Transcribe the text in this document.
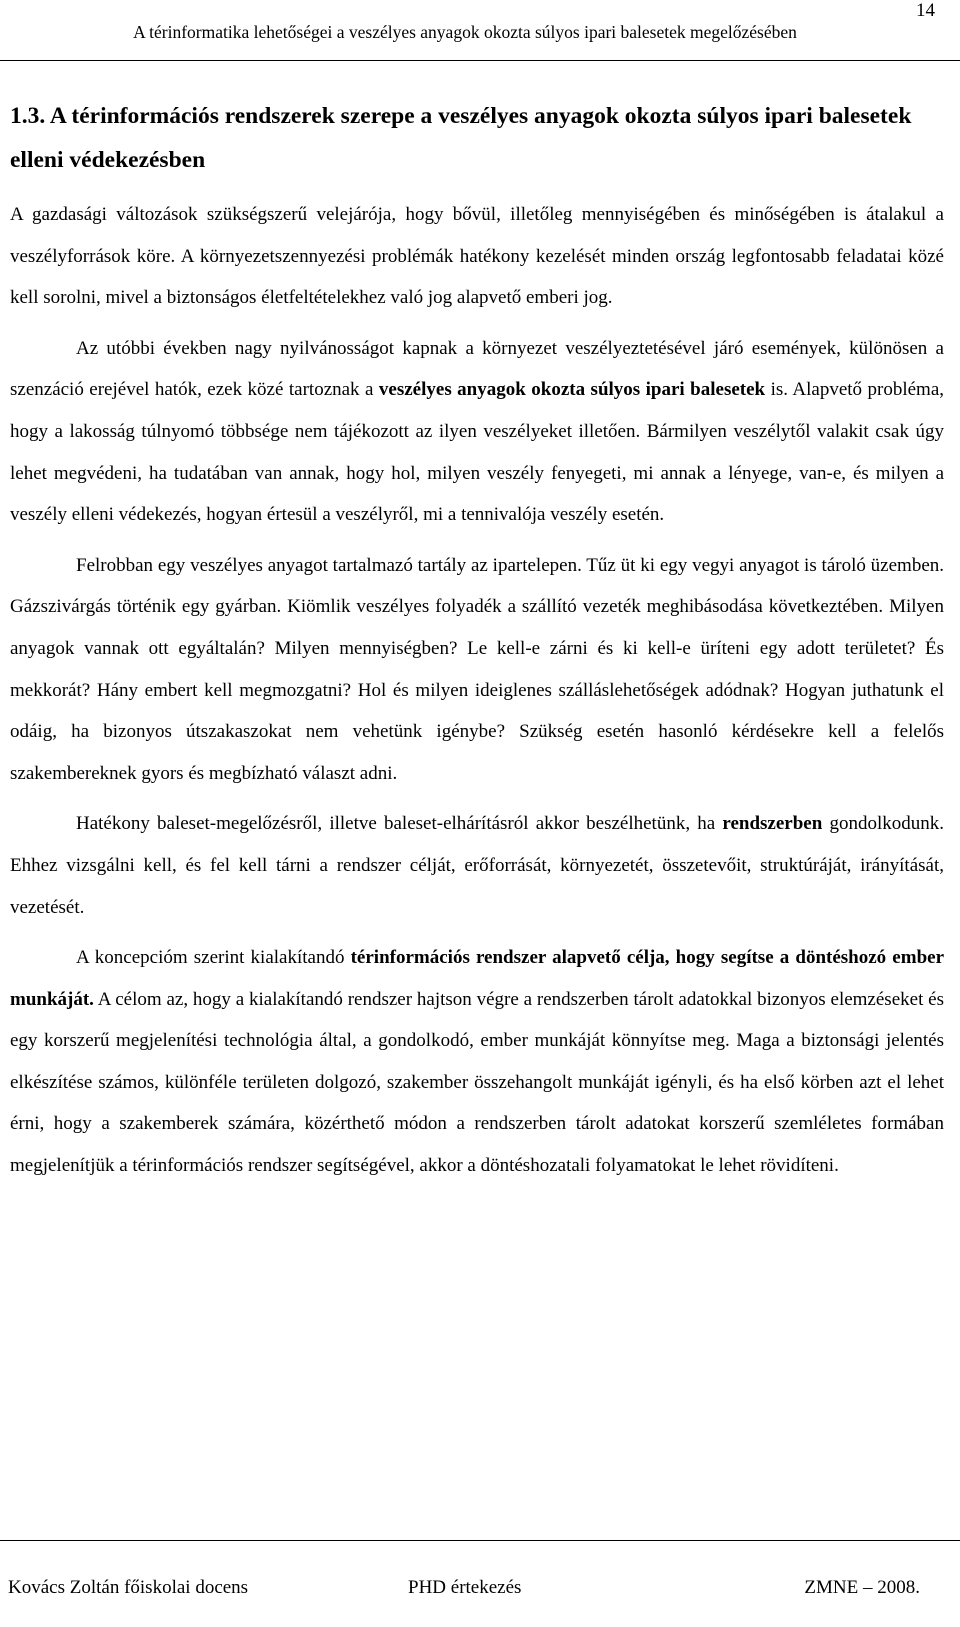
14
A térinformatika lehetőségei a veszélyes anyagok okozta súlyos ipari balesetek megelőzésében
1.3. A térinformációs rendszerek szerepe a veszélyes anyagok okozta súlyos ipari balesetek elleni védekezésben

A gazdasági változások szükségszerű velejárója, hogy bővül, illetőleg mennyiségében és minőségében is átalakul a veszélyforrások köre. A környezetszennyezési problémák hatékony kezelését minden ország legfontosabb feladatai közé kell sorolni, mivel a biztonságos életfeltételekhez való jog alapvető emberi jog.

Az utóbbi években nagy nyilvánosságot kapnak a környezet veszélyeztetésével járó események, különösen a szenzáció erejével hatók, ezek közé tartoznak a veszélyes anyagok okozta súlyos ipari balesetek is. Alapvető probléma, hogy a lakosság túlnyomó többsége nem tájékozott az ilyen veszélyeket illetően. Bármilyen veszélytől valakit csak úgy lehet megvédeni, ha tudatában van annak, hogy hol, milyen veszély fenyegeti, mi annak a lényege, van-e, és milyen a veszély elleni védekezés, hogyan értesül a veszélyről, mi a tennivalója veszély esetén.

Felrobban egy veszélyes anyagot tartalmazó tartály az ipartelepen. Tűz üt ki egy vegyi anyagot is tároló üzemben. Gázszivárgás történik egy gyárban. Kiömlik veszélyes folyadék a szállító vezeték meghibásodása következtében. Milyen anyagok vannak ott egyáltalán? Milyen mennyiségben? Le kell-e zárni és ki kell-e üríteni egy adott területet? És mekkorát? Hány embert kell megmozgatni? Hol és milyen ideiglenes szálláslehetőségek adódnak? Hogyan juthatunk el odáig, ha bizonyos útszakaszokat nem vehetünk igénybe? Szükség esetén hasonló kérdésekre kell a felelős szakembereknek gyors és megbízható választ adni.

Hatékony baleset-megelőzésről, illetve baleset-elhárításról akkor beszélhetünk, ha rendszerben gondolkodunk. Ehhez vizsgálni kell, és fel kell tárni a rendszer célját, erőforrását, környezetét, összetevőit, struktúráját, irányítását, vezetését.

A koncepcióm szerint kialakítandó térinformációs rendszer alapvető célja, hogy segítse a döntéshozó ember munkáját. A célom az, hogy a kialakítandó rendszer hajtson végre a rendszerben tárolt adatokkal bizonyos elemzéseket és egy korszerű megjelenítési technológia által, a gondolkodó, ember munkáját könnyítse meg. Maga a biztonsági jelentés elkészítése számos, különféle területen dolgozó, szakember összehangolt munkáját igényli, és ha első körben azt el lehet érni, hogy a szakemberek számára, közérthető módon a rendszerben tárolt adatokat korszerű szemléletes formában megjelenítjük a térinformációs rendszer segítségével, akkor a döntéshozatali folyamatokat le lehet rövidíteni.

Kovács Zoltán főiskolai docens	PHD értekezés	ZMNE – 2008.
